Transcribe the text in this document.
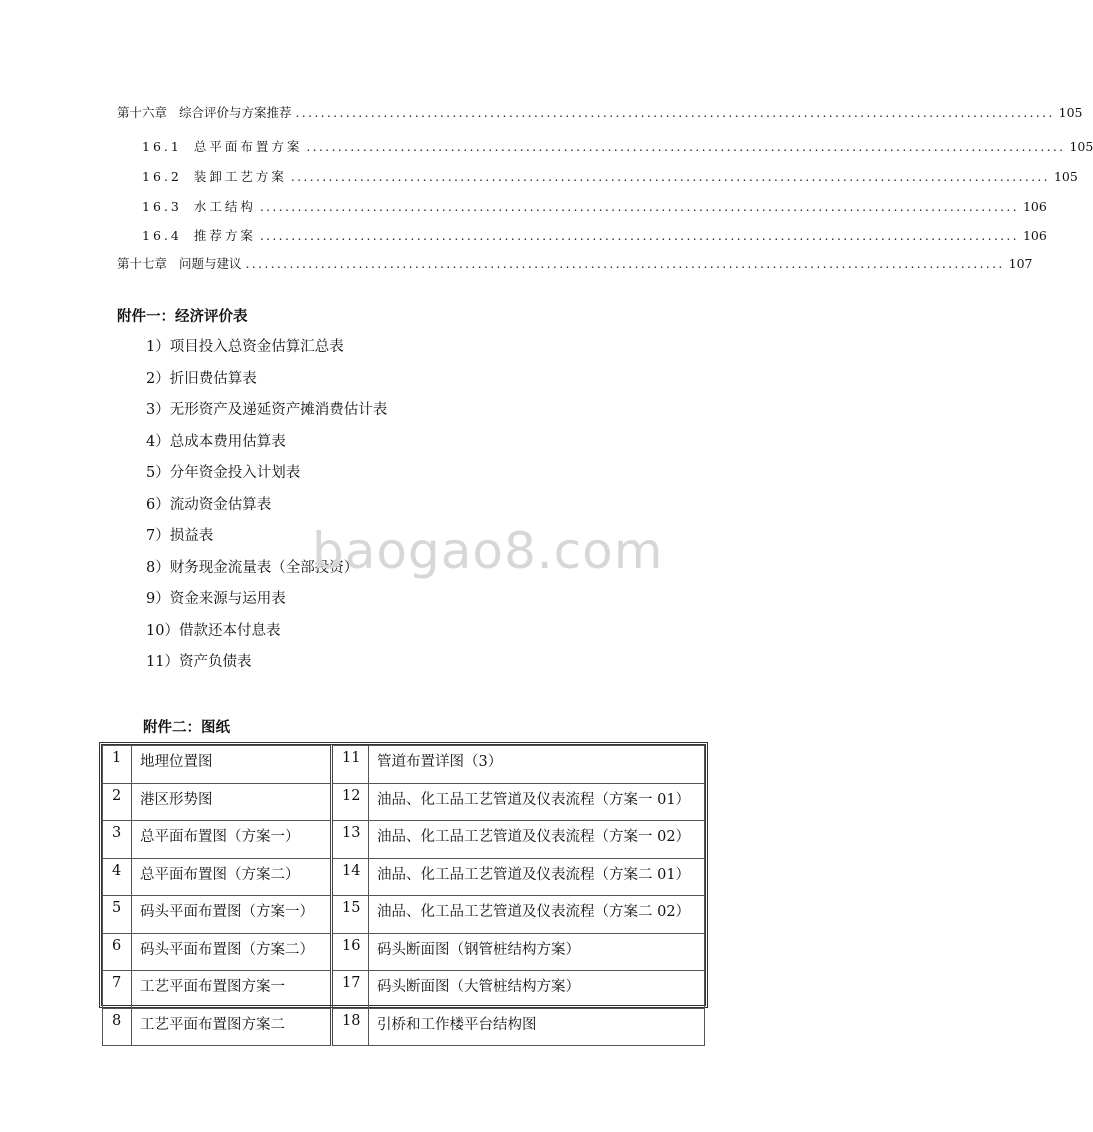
第十六章 综合评价与方案推荐 ......................................................................................................................... 105
16.1 总平面布置方案 ......................................................................................................................... 105
16.2 装卸工艺方案 ......................................................................................................................... 105
16.3 水工结构 ......................................................................................................................... 106
16.4 推荐方案 ......................................................................................................................... 106
第十七章 问题与建议 ......................................................................................................................... 107
附件一：经济评价表
1）项目投入总资金估算汇总表
2）折旧费估算表
3）无形资产及递延资产摊消费估计表
4）总成本费用估算表
5）分年资金投入计划表
6）流动资金估算表
7）损益表
8）财务现金流量表（全部投资）
9）资金来源与运用表
10）借款还本付息表
11）资产负债表
baogao8.com
附件二：图纸
1	地理位置图	11	管道布置详图（3）
2	港区形势图	12	油品、化工品工艺管道及仪表流程（方案一 01）
3	总平面布置图（方案一）	13	油品、化工品工艺管道及仪表流程（方案一 02）
4	总平面布置图（方案二）	14	油品、化工品工艺管道及仪表流程（方案二 01）
5	码头平面布置图（方案一）	15	油品、化工品工艺管道及仪表流程（方案二 02）
6	码头平面布置图（方案二）	16	码头断面图（钢管桩结构方案）
7	工艺平面布置图方案一	17	码头断面图（大管桩结构方案）
8	工艺平面布置图方案二	18	引桥和工作楼平台结构图
